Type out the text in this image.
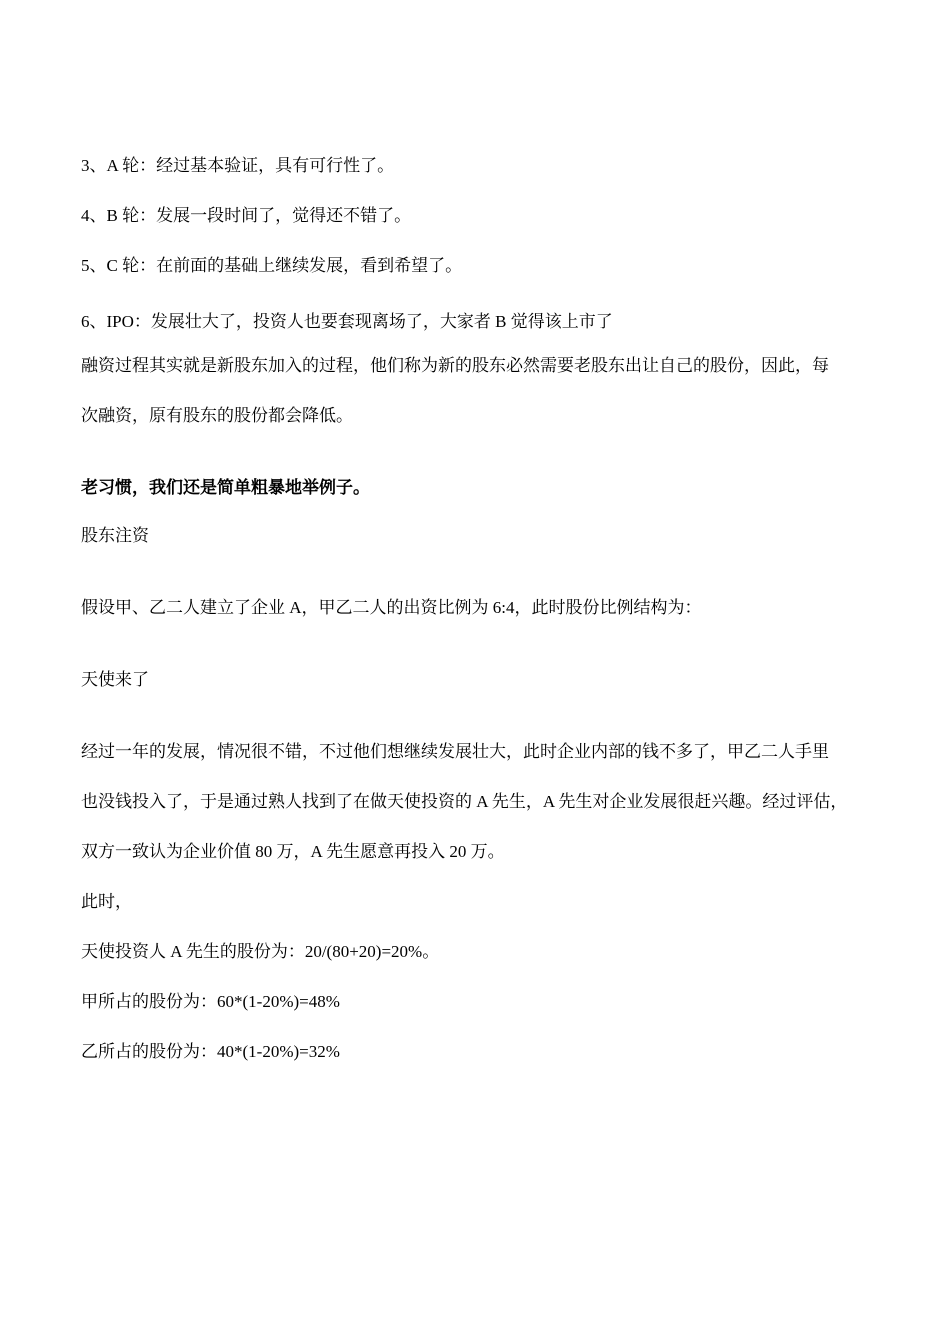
3、A 轮：经过基本验证，具有可行性了。

4、B 轮：发展一段时间了，觉得还不错了。

5、C 轮：在前面的基础上继续发展，看到希望了。

6、IPO：发展壮大了，投资人也要套现离场了，大家者 B 觉得该上市了

融资过程其实就是新股东加入的过程，他们称为新的股东必然需要老股东出让自己的股份，因此，每

次融资，原有股东的股份都会降低。

老习惯，我们还是简单粗暴地举例子。

股东注资

假设甲、乙二人建立了企业 A，甲乙二人的出资比例为 6:4，此时股份比例结构为：

天使来了

经过一年的发展，情况很不错，不过他们想继续发展壮大，此时企业内部的钱不多了，甲乙二人手里

也没钱投入了，于是通过熟人找到了在做天使投资的 A 先生，A 先生对企业发展很赶兴趣。经过评估，

双方一致认为企业价值 80 万，A 先生愿意再投入 20 万。

此时，

天使投资人 A 先生的股份为：20/(80+20)=20%。

甲所占的股份为：60*(1-20%)=48%

乙所占的股份为：40*(1-20%)=32%
